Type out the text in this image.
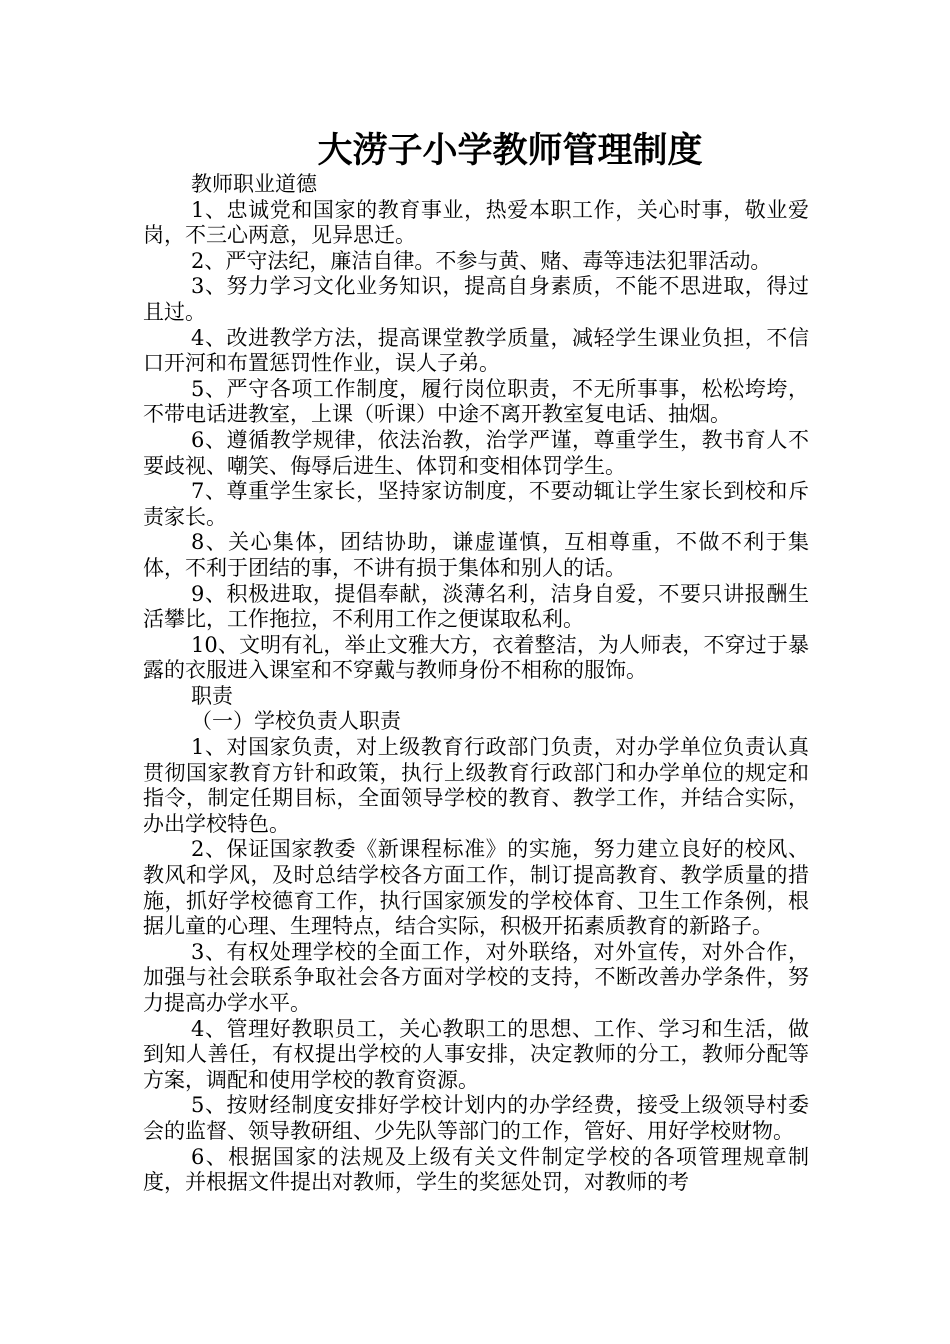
大涝子小学教师管理制度

教师职业道德

1、忠诚党和国家的教育事业，热爱本职工作，关心时事，敬业爱岗，不三心两意，见异思迁。

2、严守法纪，廉洁自律。不参与黄、赌、毒等违法犯罪活动。

3、努力学习文化业务知识，提高自身素质，不能不思进取，得过且过。

4、改进教学方法，提高课堂教学质量，减轻学生课业负担，不信口开河和布置惩罚性作业，误人子弟。

5、严守各项工作制度，履行岗位职责，不无所事事，松松垮垮，不带电话进教室，上课（听课）中途不离开教室复电话、抽烟。

6、遵循教学规律，依法治教，治学严谨，尊重学生，教书育人不要歧视、嘲笑、侮辱后进生、体罚和变相体罚学生。

7、尊重学生家长，坚持家访制度，不要动辄让学生家长到校和斥责家长。

8、关心集体，团结协助，谦虚谨慎，互相尊重，不做不利于集体，不利于团结的事，不讲有损于集体和别人的话。

9、积极进取，提倡奉献，淡薄名利，洁身自爱，不要只讲报酬生活攀比，工作拖拉，不利用工作之便谋取私利。

10、文明有礼，举止文雅大方，衣着整洁，为人师表，不穿过于暴露的衣服进入课室和不穿戴与教师身份不相称的服饰。

职责

（一）学校负责人职责

1、对国家负责，对上级教育行政部门负责，对办学单位负责认真贯彻国家教育方针和政策，执行上级教育行政部门和办学单位的规定和指令，制定任期目标，全面领导学校的教育、教学工作，并结合实际，办出学校特色。

2、保证国家教委《新课程标准》的实施，努力建立良好的校风、教风和学风，及时总结学校各方面工作，制订提高教育、教学质量的措施，抓好学校德育工作，执行国家颁发的学校体育、卫生工作条例，根据儿童的心理、生理特点，结合实际，积极开拓素质教育的新路子。

3、有权处理学校的全面工作，对外联络，对外宣传，对外合作，加强与社会联系争取社会各方面对学校的支持，不断改善办学条件，努力提高办学水平。

4、管理好教职员工，关心教职工的思想、工作、学习和生活，做到知人善任，有权提出学校的人事安排，决定教师的分工，教师分配等方案，调配和使用学校的教育资源。

5、按财经制度安排好学校计划内的办学经费，接受上级领导村委会的监督、领导教研组、少先队等部门的工作，管好、用好学校财物。

6、根据国家的法规及上级有关文件制定学校的各项管理规章制度，并根据文件提出对教师，学生的奖惩处罚，对教师的考
